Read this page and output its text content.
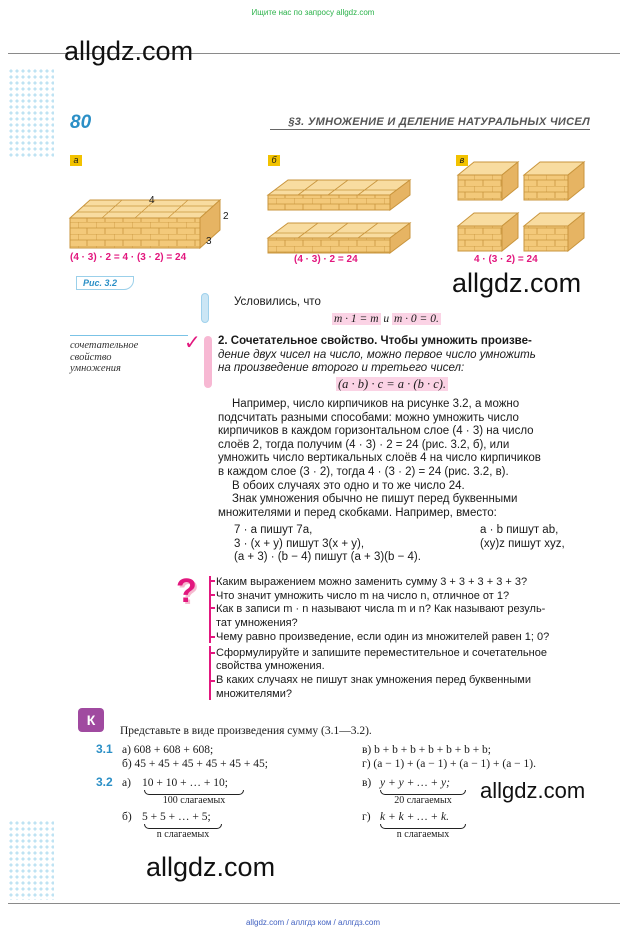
Ищите нас по запросу allgdz.com
allgdz.com
allgdz.com
allgdz.com
allgdz.com
80	§3. УМНОЖЕНИЕ И ДЕЛЕНИЕ НАТУРАЛЬНЫХ ЧИСЕЛ
а	б	в
4
2
3
(4 · 3) · 2 = 4 · (3 · 2) = 24	(4 · 3) · 2 = 24	4 · (3 · 2) = 24
Рис. 3.2
Условились, что
m · 1 = m и m · 0 = 0.
сочетательное
свойство
умножения
✓ 2. Сочетательное свойство. Чтобы умножить произве-
дение двух чисел на число, можно первое число умножить
на произведение второго и третьего чисел:
(a · b) · c = a · (b · c).
Например, число кирпичиков на рисунке 3.2, а можно
подсчитать разными способами: можно умножить число
кирпичиков в каждом горизонтальном слое (4 · 3) на число
слоёв 2, тогда получим (4 · 3) · 2 = 24 (рис. 3.2, б), или
умножить число вертикальных слоёв 4 на число кирпичиков
в каждом слое (3 · 2), тогда 4 · (3 · 2) = 24 (рис. 3.2, в).
В обоих случаях это одно и то же число 24.
Знак умножения обычно не пишут перед буквенными
множителями и перед скобками. Например, вместо:
7 · a пишут 7a,
3 · (x + y) пишут 3(x + y),
(a + 3) · (b − 4) пишут (a + 3)(b − 4).
a · b пишут ab,
(xy)z пишут xyz,
? Каким выражением можно заменить сумму 3 + 3 + 3 + 3 + 3?
Что значит умножить число m на число n, отличное от 1?
Как в записи m · n называют числа m и n? Как называют резуль-
тат умножения?
Чему равно произведение, если один из множителей равен 1; 0?
Сформулируйте и запишите переместительное и сочетательное
свойства умножения.
В каких случаях не пишут знак умножения перед буквенными
множителями?
К
Представьте в виде произведения сумму (3.1—3.2).
3.1 а) 608 + 608 + 608;
б) 45 + 45 + 45 + 45 + 45 + 45;
в) b + b + b + b + b + b + b;
г) (a − 1) + (a − 1) + (a − 1) + (a − 1).
3.2 а) 10 + 10 + … + 10;
100 слагаемых
б) 5 + 5 + … + 5;
n слагаемых
в) y + y + … + y;
20 слагаемых
г) k + k + … + k.
n слагаемых
allgdz.com / аллгдз ком / аллгдз.com
